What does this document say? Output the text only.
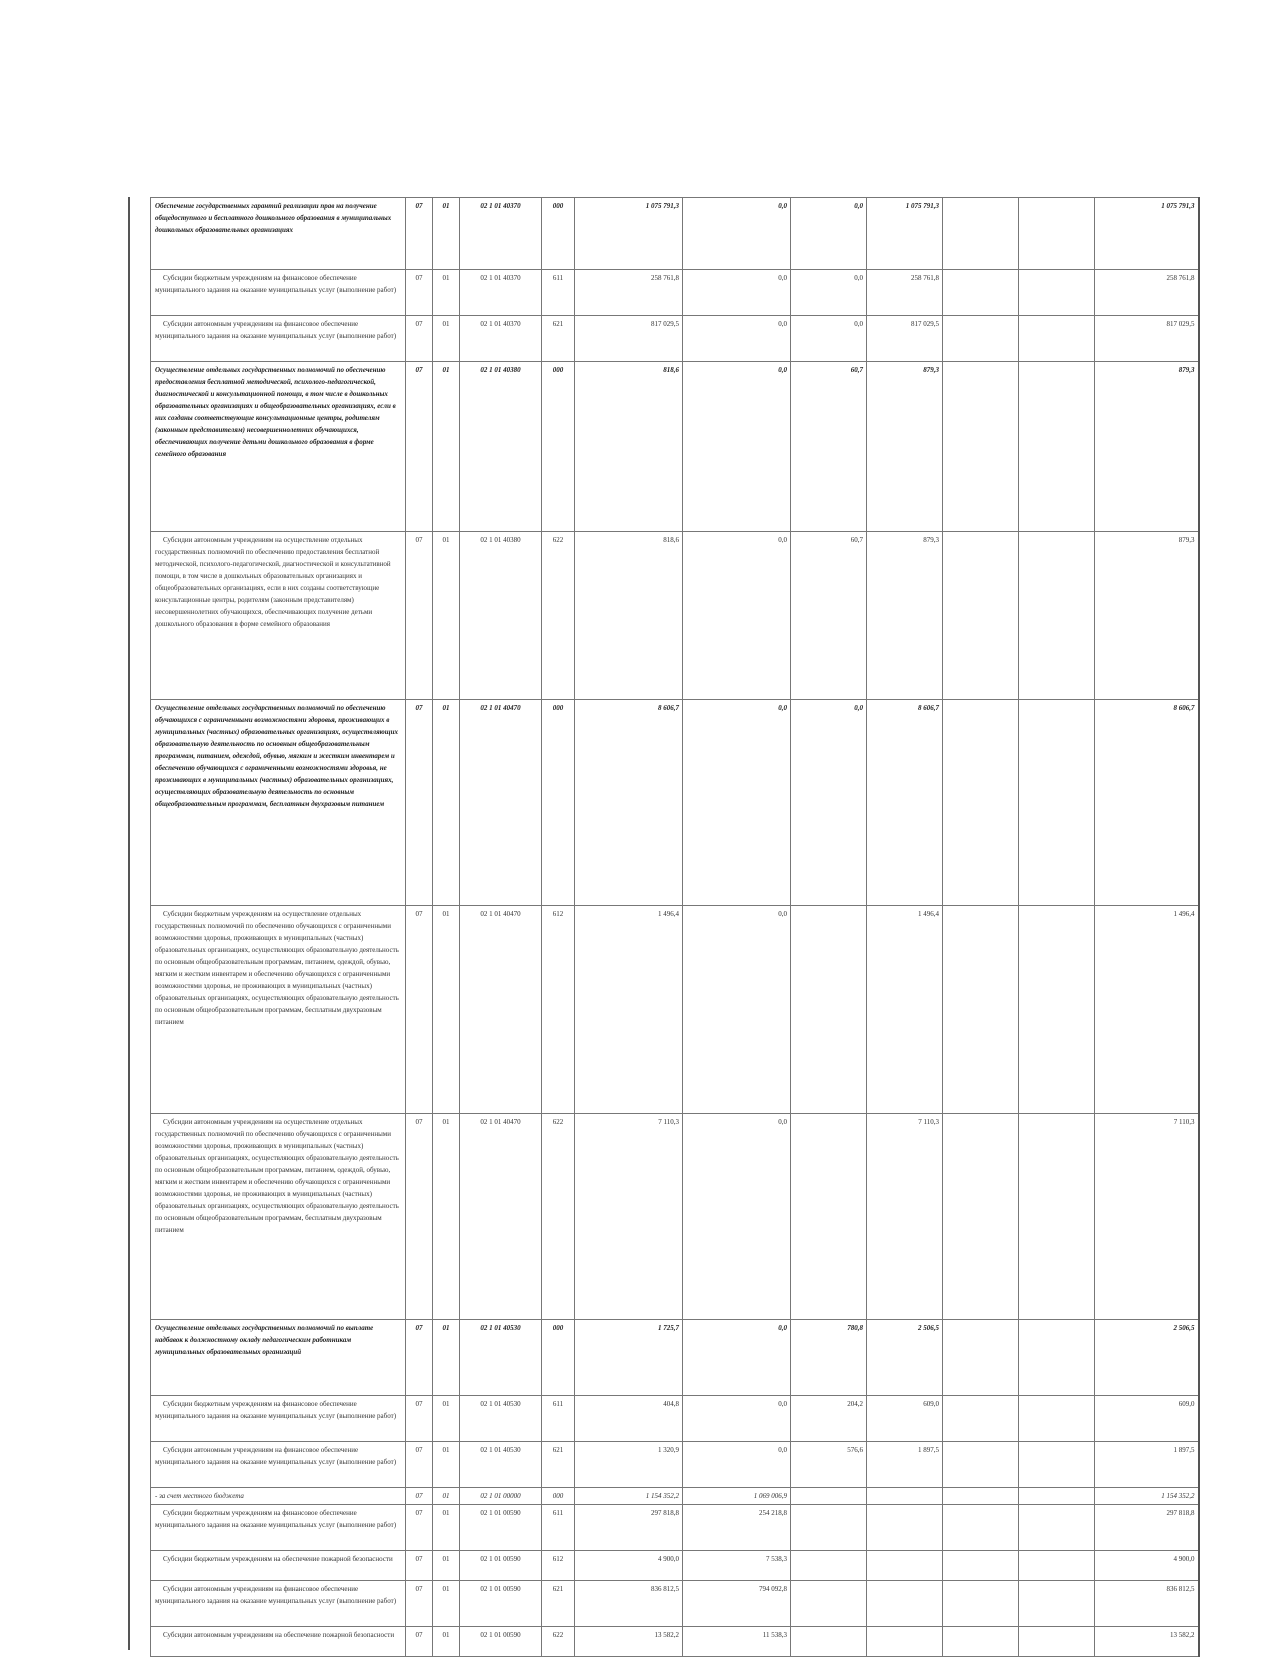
Обеспечение государственных гарантий реализации прав на получение общедоступного и бесплатного дошкольного образования в муниципальных дошкольных образовательных организациях	07	01	02 1 01 40370	000	1 075 791,3	0,0	0,0	1 075 791,3			1 075 791,3
Субсидии бюджетным учреждениям на финансовое обеспечение муниципального задания на оказание муниципальных услуг (выполнение работ)	07	01	02 1 01 40370	611	258 761,8	0,0	0,0	258 761,8			258 761,8
Субсидии автономным учреждениям на финансовое обеспечение муниципального задания на оказание муниципальных услуг (выполнение работ)	07	01	02 1 01 40370	621	817 029,5	0,0	0,0	817 029,5			817 029,5
Осуществление отдельных государственных полномочий по обеспечению предоставления бесплатной методической, психолого-педагогической, диагностической и консультационной помощи, в том числе в дошкольных образовательных организациях и общеобразовательных организациях, если в них созданы соответствующие консультационные центры, родителям (законным представителям) несовершеннолетних обучающихся, обеспечивающих получение детьми дошкольного образования в форме семейного образования	07	01	02 1 01 40380	000	818,6	0,0	60,7	879,3			879,3
Субсидии автономным учреждениям на осуществление отдельных государственных полномочий по обеспечению предоставления бесплатной методической, психолого-педагогической, диагностической и консультативной помощи, в том числе в дошкольных образовательных организациях и общеобразовательных организациях, если в них созданы соответствующие консультационные центры, родителям (законным представителям) несовершеннолетних обучающихся, обеспечивающих получение детьми дошкольного образования в форме семейного образования	07	01	02 1 01 40380	622	818,6	0,0	60,7	879,3			879,3
Осуществление отдельных государственных полномочий по обеспечению обучающихся с ограниченными возможностями здоровья, проживающих в муниципальных (частных) образовательных организациях, осуществляющих образовательную деятельность по основным общеобразовательным программам, питанием, одеждой, обувью, мягким и жестким инвентарем и обеспечению обучающихся с ограниченными возможностями здоровья, не проживающих в муниципальных (частных) образовательных организациях, осуществляющих образовательную деятельность по основным общеобразовательным программам, бесплатным двухразовым питанием	07	01	02 1 01 40470	000	8 606,7	0,0	0,0	8 606,7			8 606,7
Субсидии бюджетным учреждениям на осуществление отдельных государственных полномочий по обеспечению обучающихся с ограниченными возможностями здоровья, проживающих в муниципальных (частных) образовательных организациях, осуществляющих образовательную деятельность по основным общеобразовательным программам, питанием, одеждой, обувью, мягким и жестким инвентарем и обеспечению обучающихся с ограниченными возможностями здоровья, не проживающих в муниципальных (частных) образовательных организациях, осуществляющих образовательную деятельность по основным общеобразовательным программам, бесплатным двухразовым питанием	07	01	02 1 01 40470	612	1 496,4	0,0		1 496,4			1 496,4
Субсидии автономным учреждениям на осуществление отдельных государственных полномочий по обеспечению обучающихся с ограниченными возможностями здоровья, проживающих в муниципальных (частных) образовательных организациях, осуществляющих образовательную деятельность по основным общеобразовательным программам, питанием, одеждой, обувью, мягким и жестким инвентарем и обеспечению обучающихся с ограниченными возможностями здоровья, не проживающих в муниципальных (частных) образовательных организациях, осуществляющих образовательную деятельность по основным общеобразовательным программам, бесплатным двухразовым питанием	07	01	02 1 01 40470	622	7 110,3	0,0		7 110,3			7 110,3
Осуществление отдельных государственных полномочий по выплате надбавок к должностному окладу педагогическим работникам муниципальных образовательных организаций	07	01	02 1 01 40530	000	1 725,7	0,0	780,8	2 506,5			2 506,5
Субсидии бюджетным учреждениям на финансовое обеспечение муниципального задания на оказание муниципальных услуг (выполнение работ)	07	01	02 1 01 40530	611	404,8	0,0	204,2	609,0			609,0
Субсидии автономным учреждениям на финансовое обеспечение муниципального задания на оказание муниципальных услуг (выполнение работ)	07	01	02 1 01 40530	621	1 320,9	0,0	576,6	1 897,5			1 897,5
- за счет местного бюджета	07	01	02 1 01 00000	000	1 154 352,2	1 069 006,9					1 154 352,2
Субсидии бюджетным учреждениям на финансовое обеспечение муниципального задания на оказание муниципальных услуг (выполнение работ)	07	01	02 1 01 00590	611	297 818,8	254 218,8					297 818,8
Субсидии бюджетным учреждениям на обеспечение пожарной безопасности	07	01	02 1 01 00590	612	4 900,0	7 538,3					4 900,0
Субсидии автономным учреждениям на финансовое обеспечение муниципального задания на оказание муниципальных услуг (выполнение работ)	07	01	02 1 01 00590	621	836 812,5	794 092,8					836 812,5
Субсидии автономным учреждениям на обеспечение пожарной безопасности	07	01	02 1 01 00590	622	13 582,2	11 538,3					13 582,2
